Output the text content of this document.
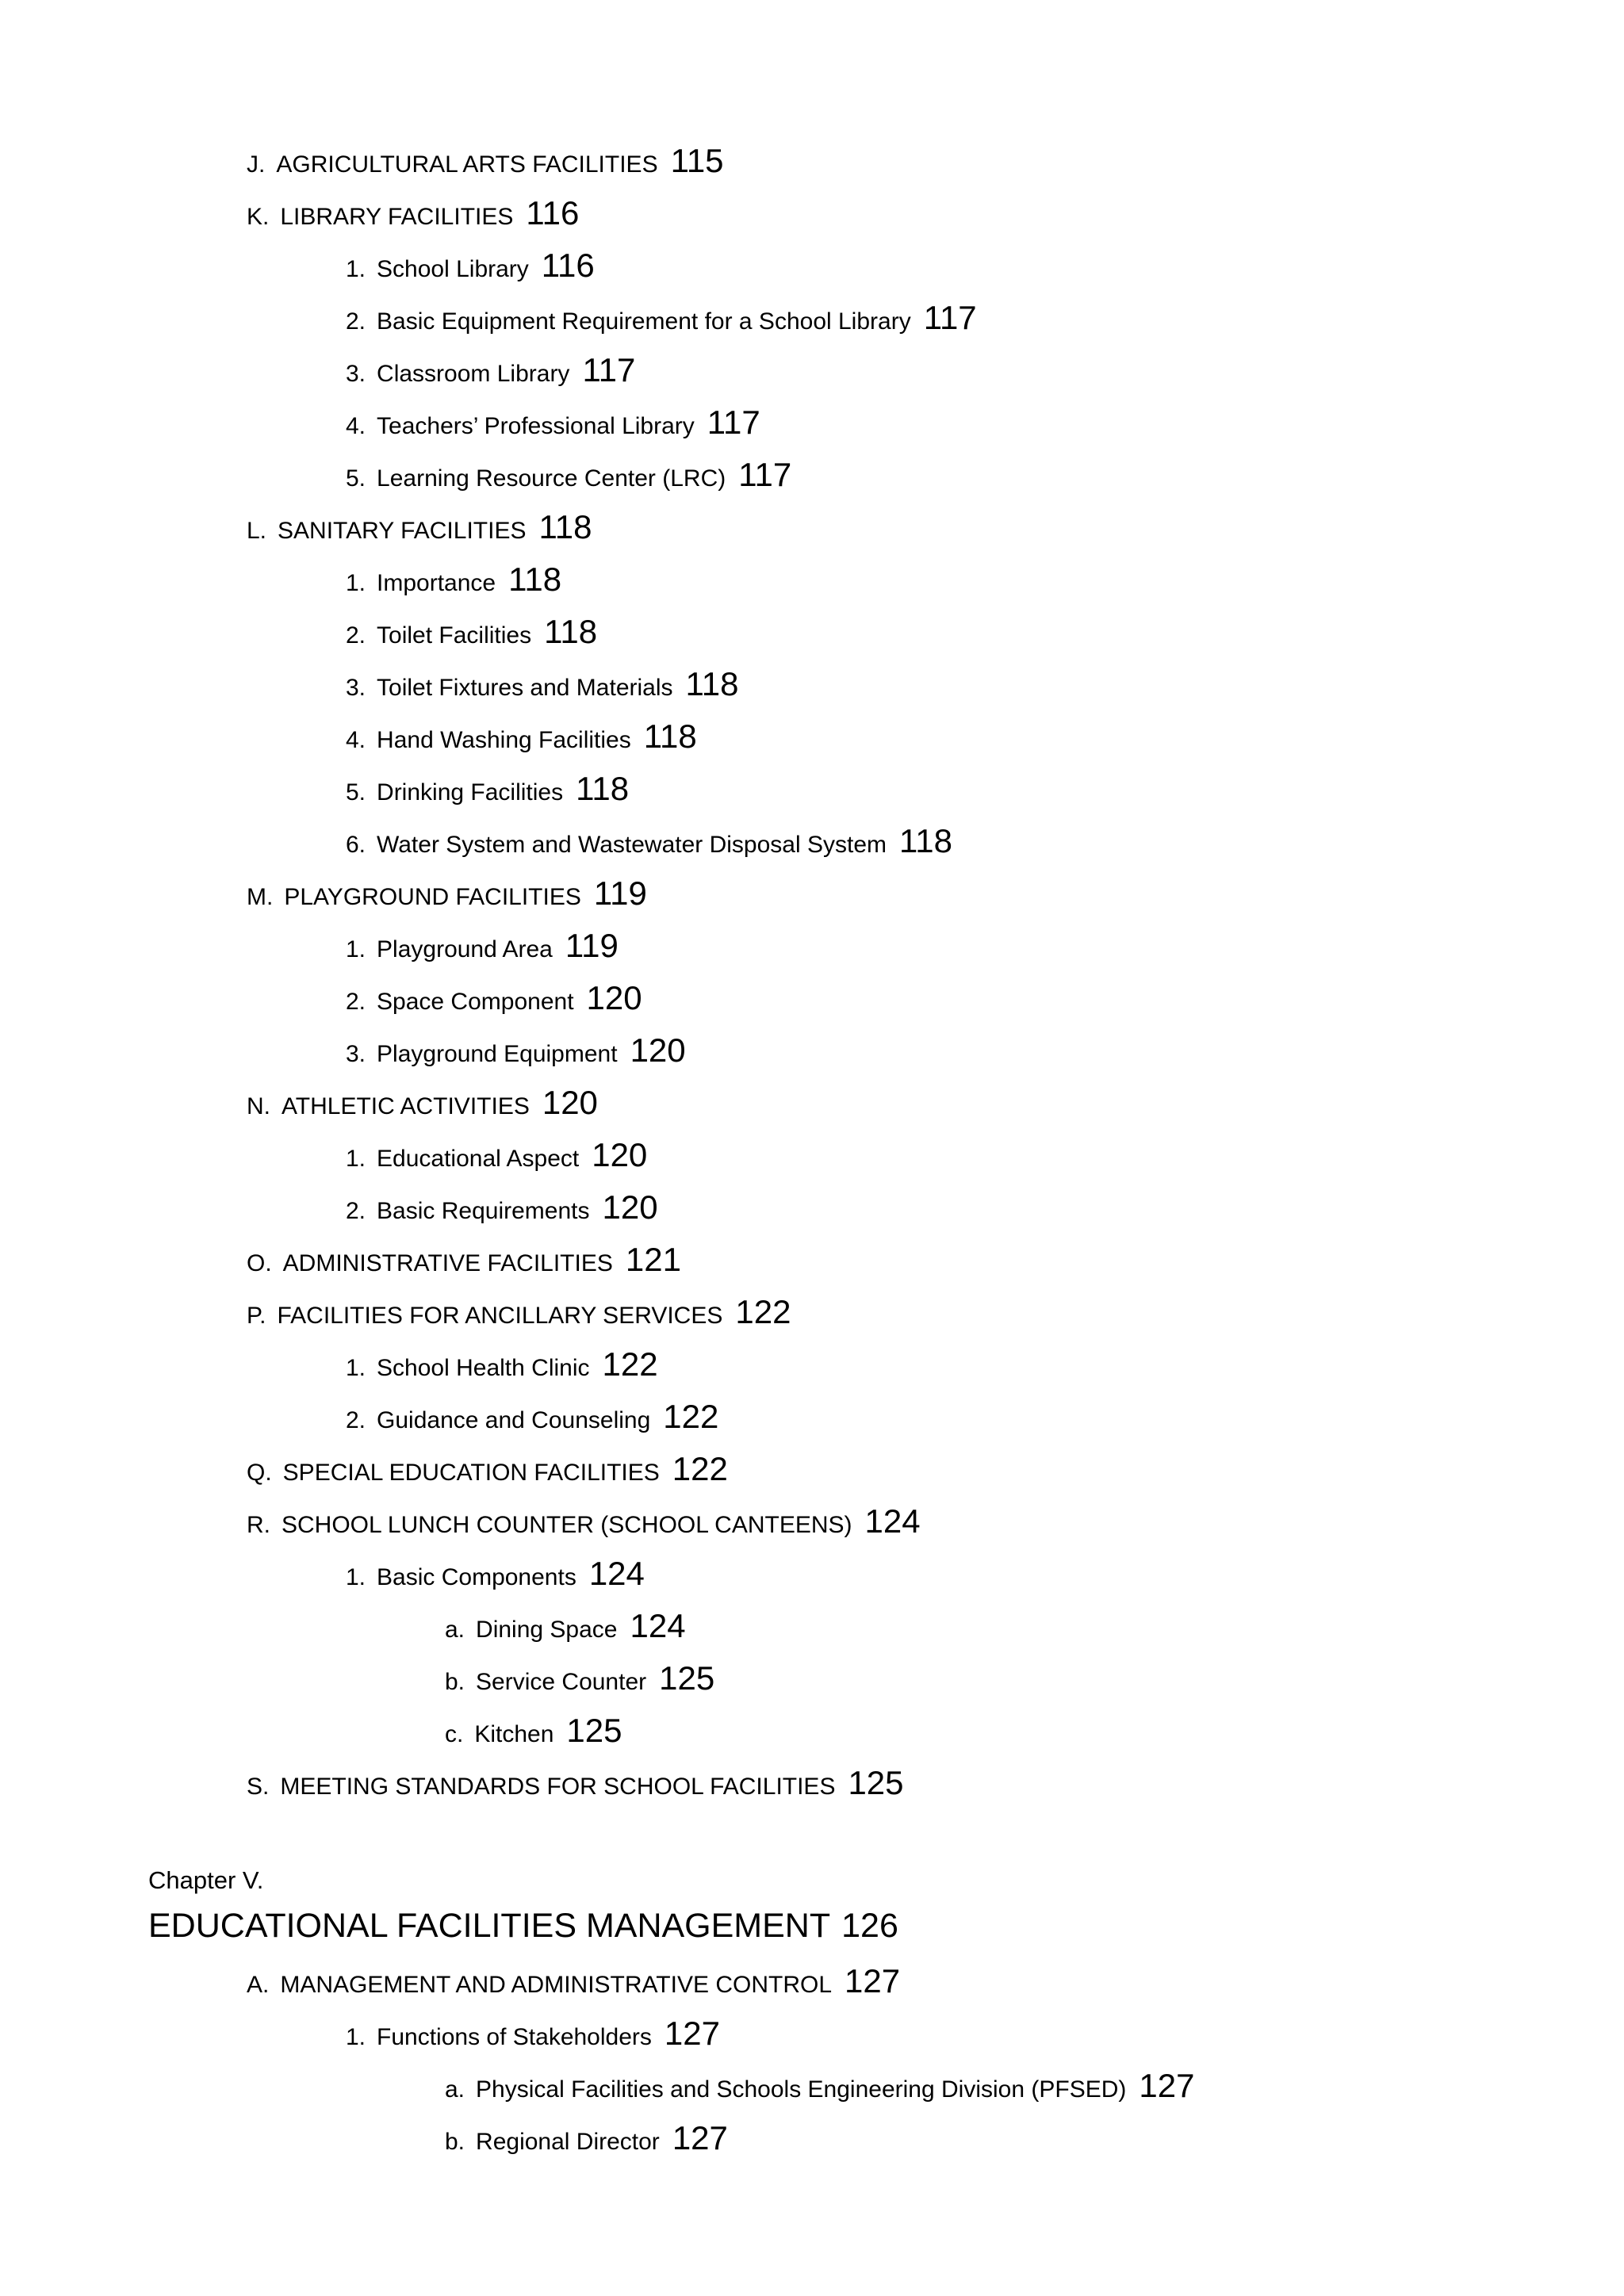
J. AGRICULTURAL ARTS FACILITIES 115
K. LIBRARY FACILITIES 116
1. School Library 116
2. Basic Equipment Requirement for a School Library 117
3. Classroom Library 117
4. Teachers’ Professional Library 117
5. Learning Resource Center (LRC) 117
L. SANITARY FACILITIES 118
1. Importance 118
2. Toilet Facilities 118
3. Toilet Fixtures and Materials 118
4. Hand Washing Facilities 118
5. Drinking Facilities 118
6. Water System and Wastewater Disposal System 118
M. PLAYGROUND FACILITIES 119
1. Playground Area 119
2. Space Component 120
3. Playground Equipment 120
N. ATHLETIC ACTIVITIES 120
1. Educational Aspect 120
2. Basic Requirements 120
O. ADMINISTRATIVE FACILITIES 121
P. FACILITIES FOR ANCILLARY SERVICES 122
1. School Health Clinic 122
2. Guidance and Counseling 122
Q. SPECIAL EDUCATION FACILITIES 122
R. SCHOOL LUNCH COUNTER (SCHOOL CANTEENS) 124
1. Basic Components 124
a. Dining Space 124
b. Service Counter 125
c. Kitchen 125
S. MEETING STANDARDS FOR SCHOOL FACILITIES 125
Chapter V.
EDUCATIONAL FACILITIES MANAGEMENT 126
A. MANAGEMENT AND ADMINISTRATIVE CONTROL 127
1. Functions of Stakeholders 127
a. Physical Facilities and Schools Engineering Division (PFSED) 127
b. Regional Director 127
